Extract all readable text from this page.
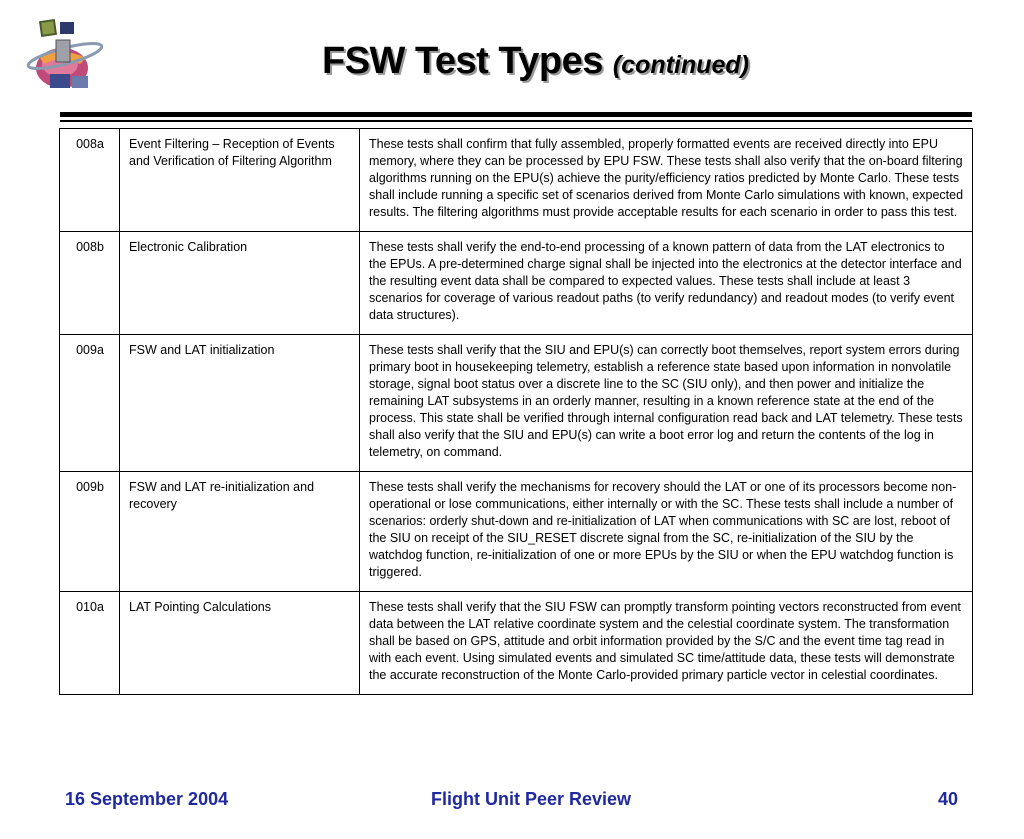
FSW Test Types (continued)
008a	Event Filtering – Reception of Events and Verification of Filtering Algorithm	These tests shall confirm that fully assembled, properly formatted events are received directly into EPU memory, where they can be processed by EPU FSW. These tests shall also verify that the on-board filtering algorithms running on the EPU(s) achieve the purity/efficiency ratios predicted by Monte Carlo. These tests shall include running a specific set of scenarios derived from Monte Carlo simulations with known, expected results. The filtering algorithms must provide acceptable results for each scenario in order to pass this test.
008b	Electronic Calibration	These tests shall verify the end-to-end processing of a known pattern of data from the LAT electronics to the EPUs. A pre-determined charge signal shall be injected into the electronics at the detector interface and the resulting event data shall be compared to expected values. These tests shall include at least 3 scenarios for coverage of various readout paths (to verify redundancy) and readout modes (to verify event data structures).
009a	FSW and LAT initialization	These tests shall verify that the SIU and EPU(s) can correctly boot themselves, report system errors during primary boot in housekeeping telemetry, establish a reference state based upon information in nonvolatile storage, signal boot status over a discrete line to the SC (SIU only), and then power and initialize the remaining LAT subsystems in an orderly manner, resulting in a known reference state at the end of the process. This state shall be verified through internal configuration read back and LAT telemetry. These tests shall also verify that the SIU and EPU(s) can write a boot error log and return the contents of the log in telemetry, on command.
009b	FSW and LAT re-initialization and recovery	These tests shall verify the mechanisms for recovery should the LAT or one of its processors become non-operational or lose communications, either internally or with the SC. These tests shall include a number of scenarios: orderly shut-down and re-initialization of LAT when communications with SC are lost, reboot of the SIU on receipt of the SIU_RESET discrete signal from the SC, re-initialization of the SIU by the watchdog function, re-initialization of one or more EPUs by the SIU or when the EPU watchdog function is triggered.
010a	LAT Pointing Calculations	These tests shall verify that the SIU FSW can promptly transform pointing vectors reconstructed from event data between the LAT relative coordinate system and the celestial coordinate system. The transformation shall be based on GPS, attitude and orbit information provided by the S/C and the event time tag read in with each event. Using simulated events and simulated SC time/attitude data, these tests will demonstrate the accurate reconstruction of the Monte Carlo-provided primary particle vector in celestial coordinates.
16 September 2004	Flight Unit Peer Review	40
